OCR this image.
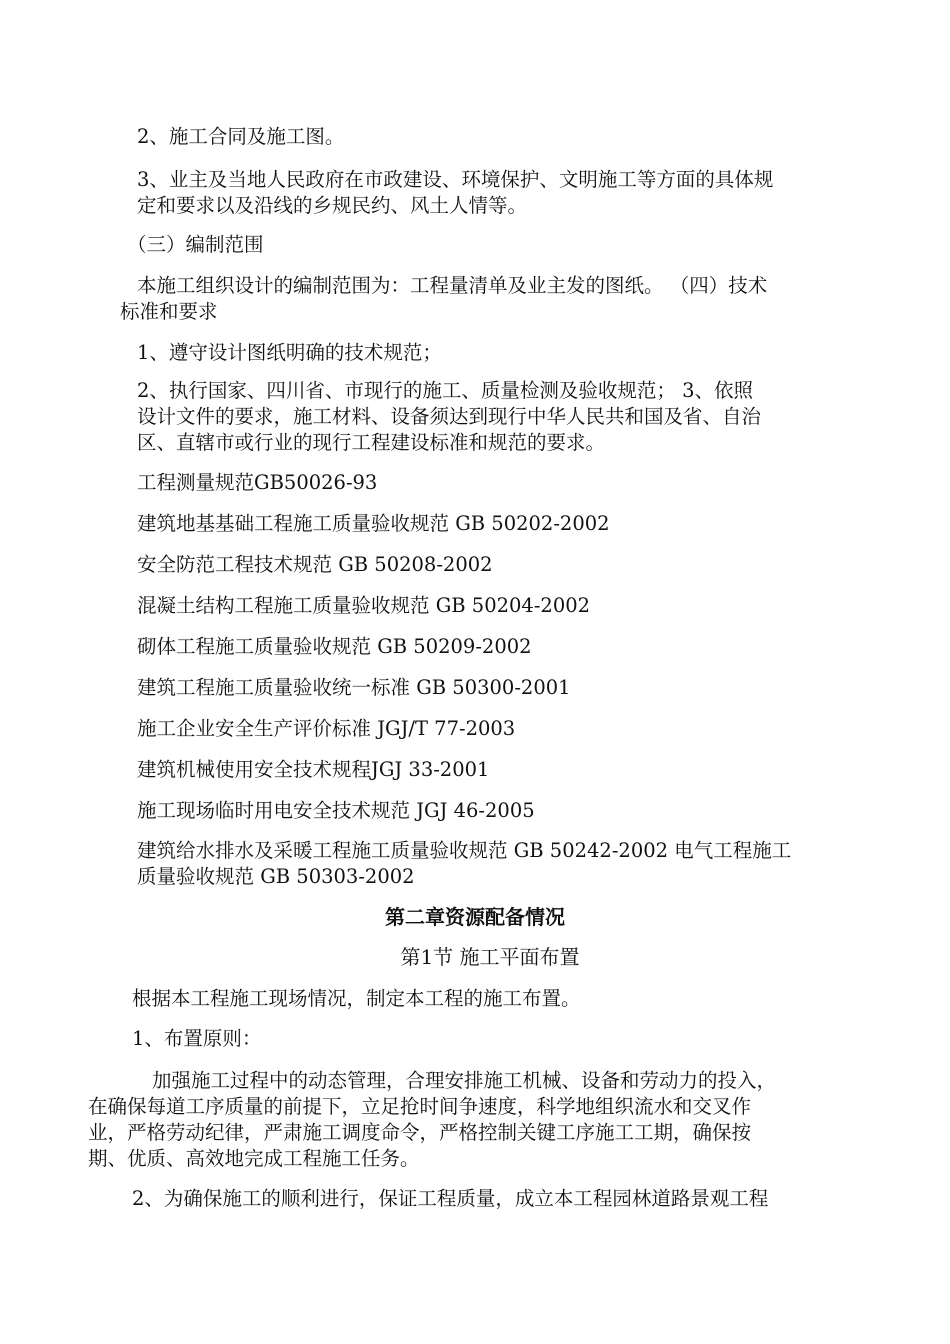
2、施工合同及施工图。

3、业主及当地人民政府在市政建设、环境保护、文明施工等方面的具体规

定和要求以及沿线的乡规民约、风土人情等。

（三）编制范围

本施工组织设计的编制范围为：工程量清单及业主发的图纸。 （四）技术

标准和要求

1、遵守设计图纸明确的技术规范；

2、执行国家、四川省、市现行的施工、质量检测及验收规范； 3、依照

设计文件的要求，施工材料、设备须达到现行中华人民共和国及省、自治

区、直辖市或行业的现行工程建设标准和规范的要求。

工程测量规范GB50026-93

建筑地基基础工程施工质量验收规范 GB 50202-2002

安全防范工程技术规范 GB 50208-2002

混凝土结构工程施工质量验收规范 GB 50204-2002

砌体工程施工质量验收规范 GB 50209-2002

建筑工程施工质量验收统一标准 GB 50300-2001

施工企业安全生产评价标准 JGJ/T 77-2003

建筑机械使用安全技术规程JGJ 33-2001

施工现场临时用电安全技术规范 JGJ 46-2005

建筑给水排水及采暖工程施工质量验收规范 GB 50242-2002 电气工程施工

质量验收规范 GB 50303-2002

第二章资源配备情况
第1节 施工平面布置

根据本工程施工现场情况，制定本工程的施工布置。

1、布置原则：

加强施工过程中的动态管理，合理安排施工机械、设备和劳动力的投入，

在确保每道工序质量的前提下，立足抢时间争速度，科学地组织流水和交叉作

业，严格劳动纪律，严肃施工调度命令，严格控制关键工序施工工期，确保按

期、优质、高效地完成工程施工任务。

2、为确保施工的顺利进行，保证工程质量，成立本工程园林道路景观工程
